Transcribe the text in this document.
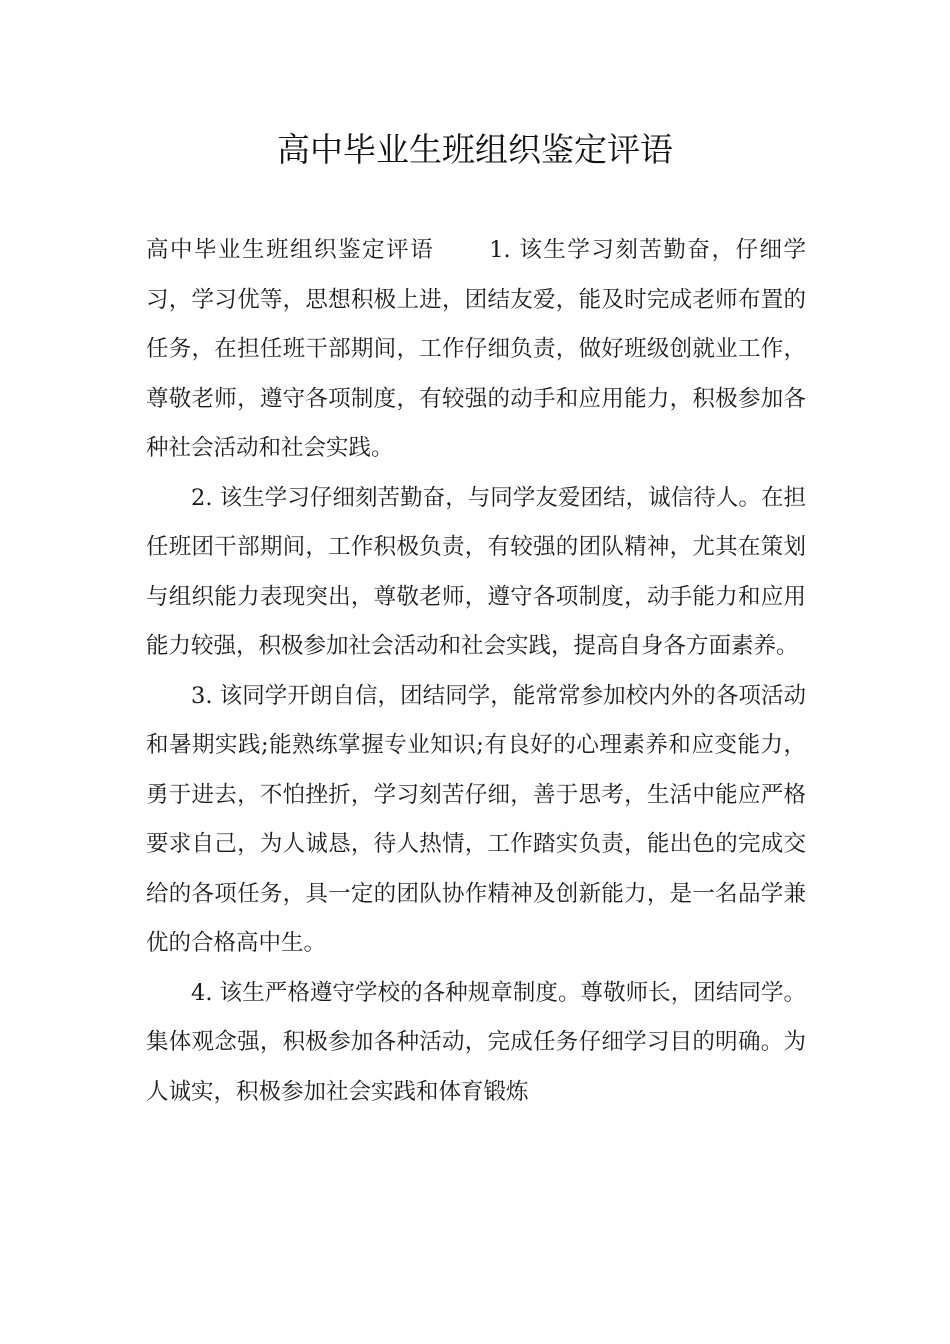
高中毕业生班组织鉴定评语

高中毕业生班组织鉴定评语 1. 该生学习刻苦勤奋，仔细学习，学习优等，思想积极上进，团结友爱，能及时完成老师布置的任务，在担任班干部期间，工作仔细负责，做好班级创就业工作，尊敬老师，遵守各项制度，有较强的动手和应用能力，积极参加各种社会活动和社会实践。

2. 该生学习仔细刻苦勤奋，与同学友爱团结，诚信待人。在担任班团干部期间，工作积极负责，有较强的团队精神，尤其在策划与组织能力表现突出，尊敬老师，遵守各项制度，动手能力和应用能力较强，积极参加社会活动和社会实践，提高自身各方面素养。

3. 该同学开朗自信，团结同学，能常常参加校内外的各项活动和暑期实践;能熟练掌握专业知识;有良好的心理素养和应变能力，勇于进去，不怕挫折，学习刻苦仔细，善于思考，生活中能应严格要求自己，为人诚恳，待人热情，工作踏实负责，能出色的完成交给的各项任务，具一定的团队协作精神及创新能力，是一名品学兼优的合格高中生。

4. 该生严格遵守学校的各种规章制度。尊敬师长，团结同学。集体观念强，积极参加各种活动，完成任务仔细学习目的明确。为人诚实，积极参加社会实践和体育锻炼
